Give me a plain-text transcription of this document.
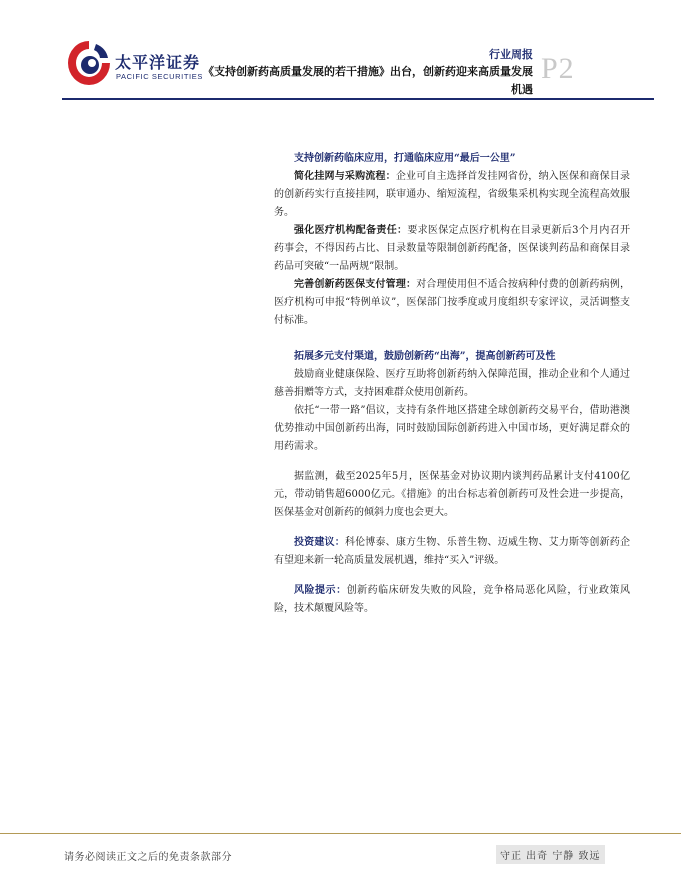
太平洋证券
PACIFIC SECURITIES
行业周报
《支持创新药高质量发展的若干措施》出台，创新药迎来高质量发展机遇
P2

支持创新药临床应用，打通临床应用“最后一公里”

简化挂网与采购流程：企业可自主选择首发挂网省份，纳入医保和商保目录的创新药实行直接挂网，联审通办、缩短流程，省级集采机构实现全流程高效服务。

强化医疗机构配备责任：要求医保定点医疗机构在目录更新后3个月内召开药事会，不得因药占比、目录数量等限制创新药配备，医保谈判药品和商保目录药品可突破“一品两规”限制。

完善创新药医保支付管理：对合理使用但不适合按病种付费的创新药病例，医疗机构可申报“特例单议”，医保部门按季度或月度组织专家评议，灵活调整支付标准。

拓展多元支付渠道，鼓励创新药“出海”，提高创新药可及性

鼓励商业健康保险、医疗互助将创新药纳入保障范围，推动企业和个人通过慈善捐赠等方式，支持困难群众使用创新药。

依托“一带一路”倡议，支持有条件地区搭建全球创新药交易平台，借助港澳优势推动中国创新药出海，同时鼓励国际创新药进入中国市场，更好满足群众的用药需求。

据监测，截至2025年5月，医保基金对协议期内谈判药品累计支付4100亿元，带动销售超6000亿元。《措施》的出台标志着创新药可及性会进一步提高，医保基金对创新药的倾斜力度也会更大。

投资建议：科伦博泰、康方生物、乐普生物、迈威生物、艾力斯等创新药企有望迎来新一轮高质量发展机遇，维持“买入”评级。

风险提示：创新药临床研发失败的风险，竞争格局恶化风险，行业政策风险，技术颠覆风险等。

请务必阅读正文之后的免责条款部分	守正 出奇 宁静 致远
